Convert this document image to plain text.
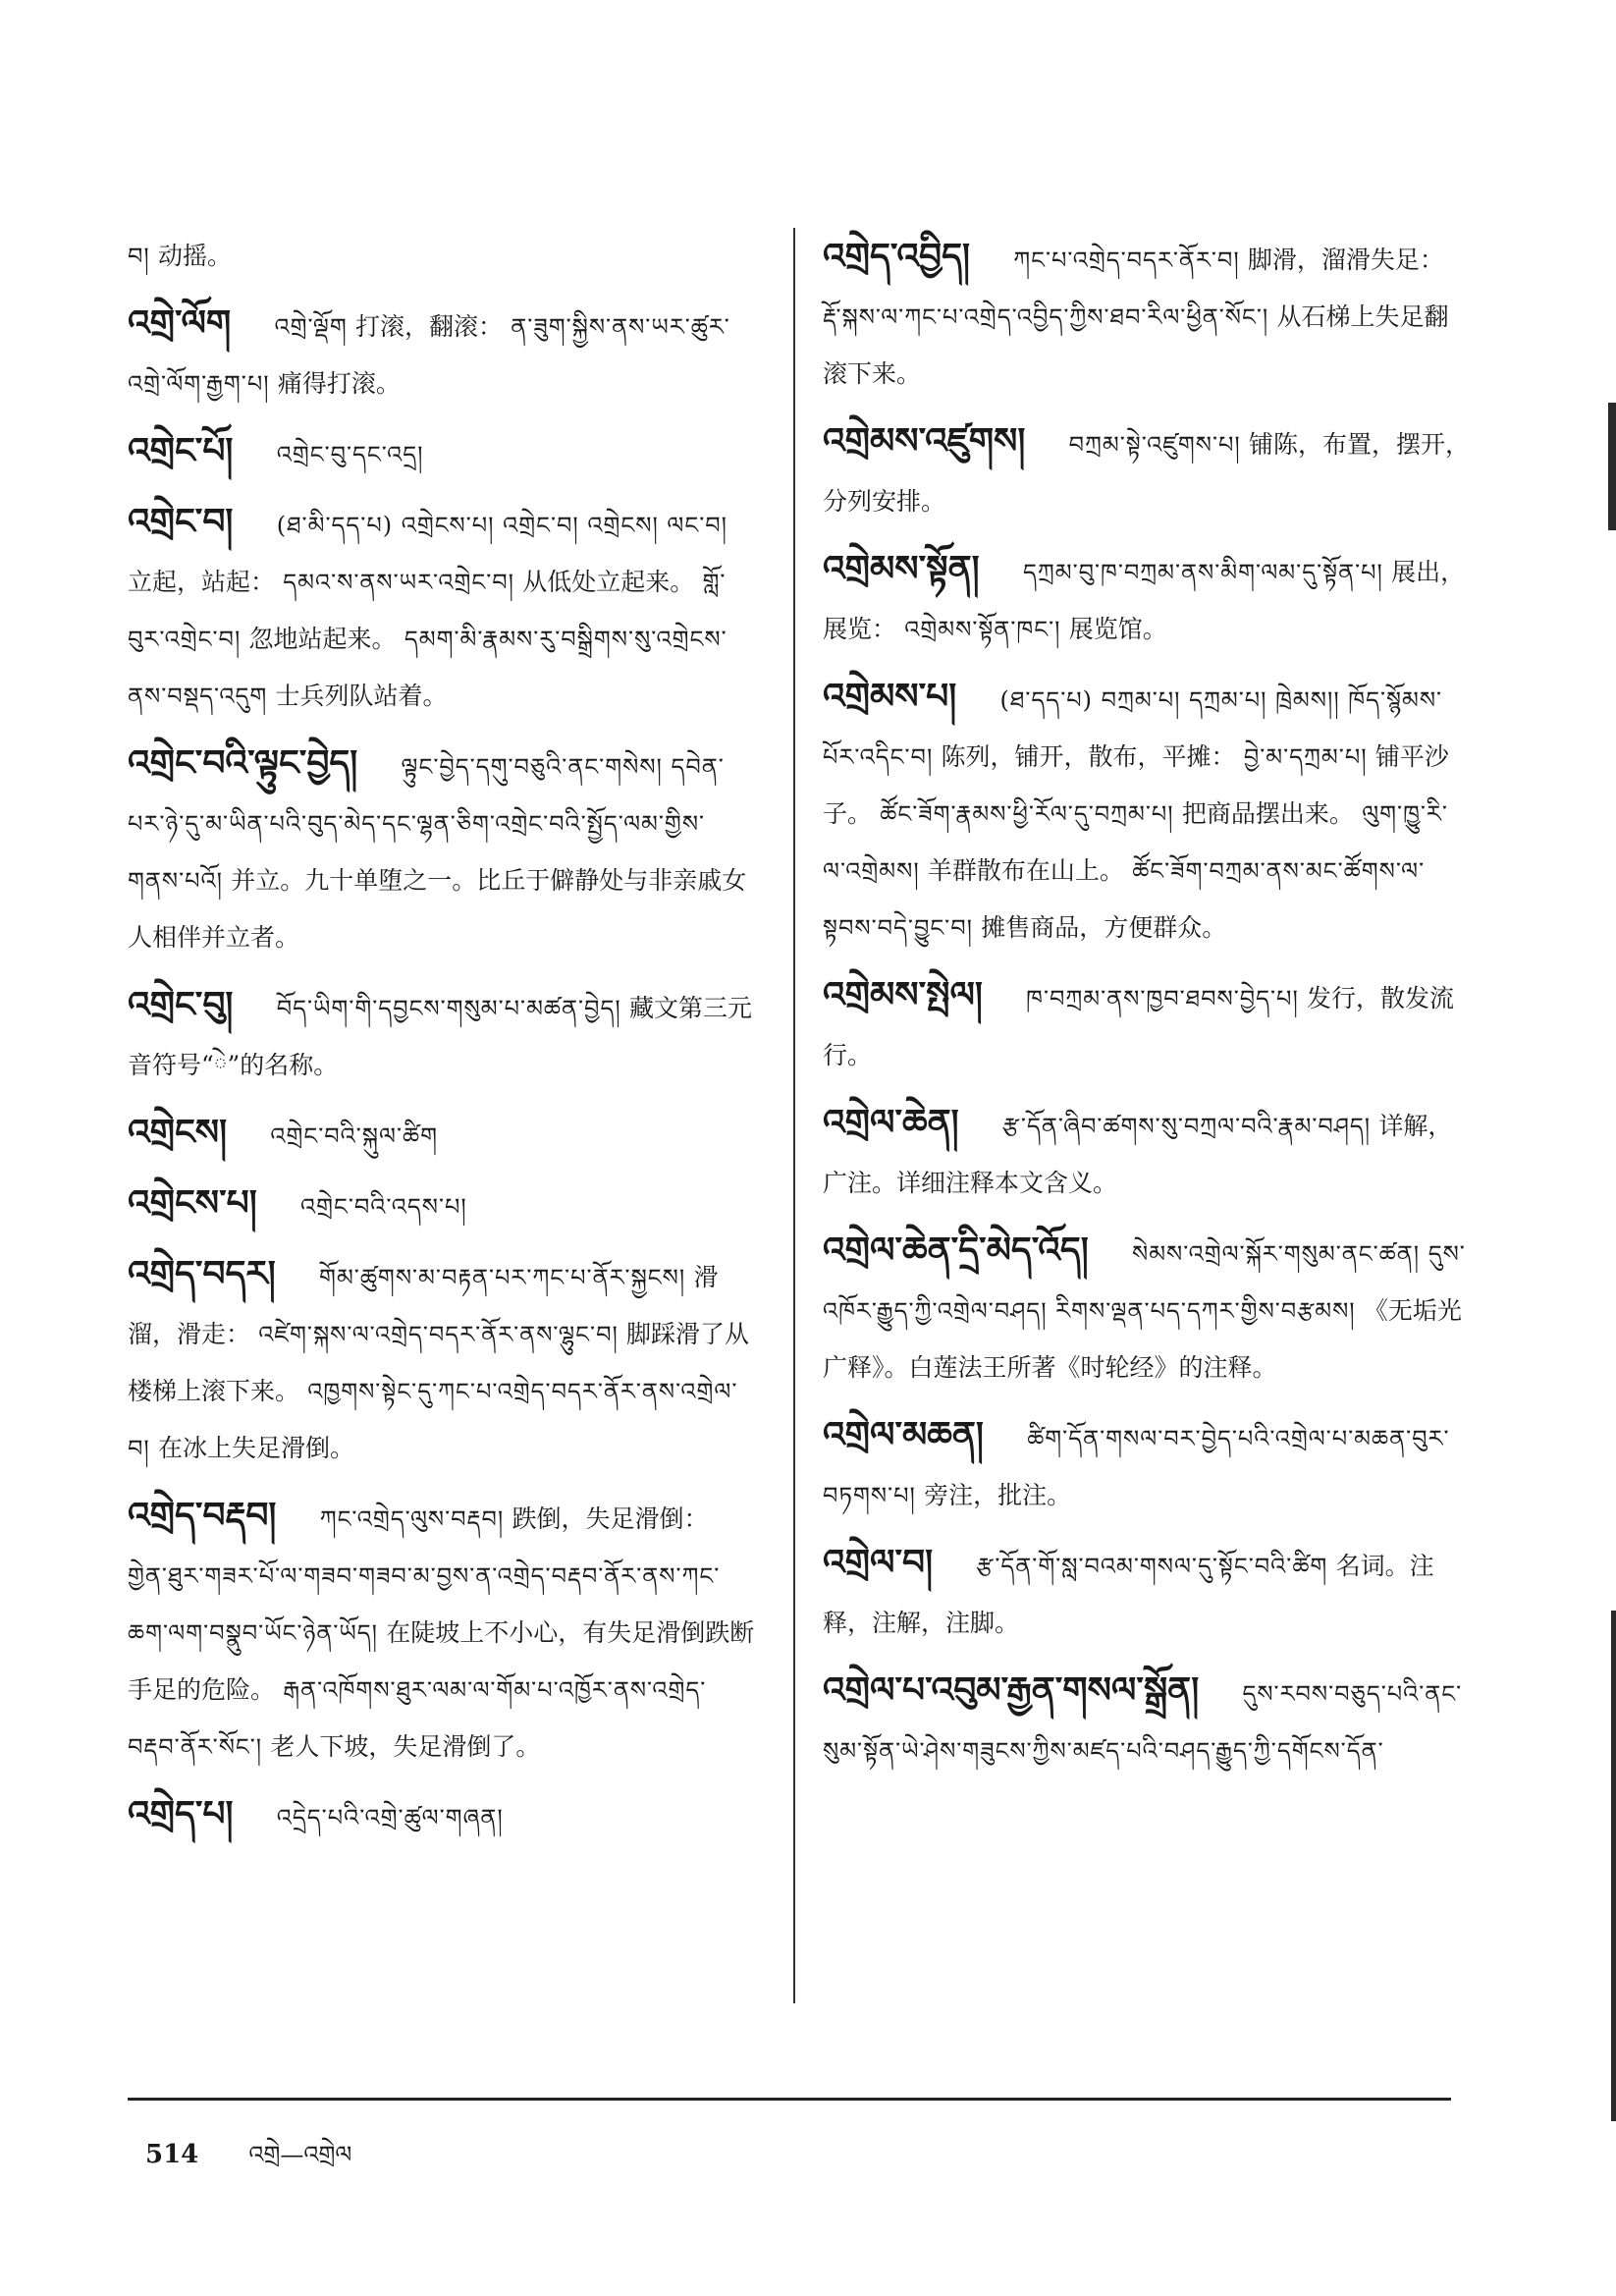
བ། 动摇。
འགྲེ་ལོག འགྲེ་ལྡོག 打滚，翻滚： ན་ཟུག་སྐྱིས་ནས་ཡར་ཚུར་འགྲེ་ལོག་རྒྱག་པ། 痛得打滚。
འགྲེང་པོ། འགྲེང་བུ་དང་འདྲ།
འགྲེང་བ། (ཐ་མི་དད་པ) འགྲེངས་པ། འགྲེང་བ། འགྲེངས། ལང་བ། 立起，站起： དམའ་ས་ནས་ཡར་འགྲེང་བ། 从低处立起来。 གློ་བུར་འགྲེང་བ། 忽地站起来。 དམག་མི་རྣམས་རུ་བསྒྲིགས་སུ་འགྲེངས་ནས་བསྡད་འདུག 士兵列队站着。
འགྲེང་བའི་ལྟུང་བྱེད། ལྟུང་བྱེད་དགུ་བཅུའི་ནང་གསེས། དབེན་པར་ཉེ་དུ་མ་ཡིན་པའི་བུད་མེད་དང་ལྷན་ཅིག་འགྲེང་བའི་སྤྱོད་ལམ་གྱིས་གནས་པའོ། 并立。九十单堕之一。比丘于僻静处与非亲戚女人相伴并立者。
འགྲེང་བུ། བོད་ཡིག་གི་དབྱངས་གསུམ་པ་མཚན་བྱེད། 藏文第三元音符号“ེ”的名称。
འགྲེངས། འགྲེང་བའི་སྐུལ་ཚིག
འགྲེངས་པ། འགྲེང་བའི་འདས་པ།
འགྲེད་བདར། གོམ་ཚུགས་མ་བརྟན་པར་ཀང་པ་ནོར་སྐྱངས། 滑溜，滑走： འཛེག་སྐས་ལ་འགྲེད་བདར་ནོར་ནས་ལྷུང་བ། 脚踩滑了从楼梯上滚下来。 འཁྱགས་སྟེང་དུ་ཀང་པ་འགྲེད་བདར་ནོར་ནས་འགྲེལ་བ། 在冰上失足滑倒。
འགྲེད་བརྡབ། ཀང་འགྲེད་ལུས་བརྡབ། 跌倒，失足滑倒： གྱེན་ཐུར་གཟར་པོ་ལ་གཟབ་གཟབ་མ་བྱས་ན་འགྲེད་བརྡབ་ནོར་ནས་ཀང་ཆག་ལག་བསྣུབ་ཡོང་ཉེན་ཡོད། 在陡坡上不小心，有失足滑倒跌断手足的危险。 རྒན་འཁོགས་ཐུར་ལམ་ལ་གོམ་པ་འཁྱོར་ནས་འགྲེད་བརྡབ་ནོར་སོང་། 老人下坡，失足滑倒了。
འགྲེད་པ། འདྲེད་པའི་འགྲེ་ཚུལ་གཞན།
འགྲེད་འབྱིད། ཀང་པ་འགྲེད་བདར་ནོར་བ། 脚滑，溜滑失足： རྡོ་སྐས་ལ་ཀང་པ་འགྲེད་འབྱིད་ཀྱིས་ཐབ་རིལ་ཕྱིན་སོང་། 从石梯上失足翻滚下来。
འགྲེམས་འཛུགས། བཀྲམ་སྟེ་འཛུགས་པ། 铺陈，布置，摆开，分列安排。
འགྲེམས་སྟོན། དཀྲམ་བུ་ཁ་བཀྲམ་ནས་མིག་ལམ་དུ་སྟོན་པ། 展出，展览： འགྲེམས་སྟོན་ཁང་། 展览馆。
འགྲེམས་པ། (ཐ་དད་པ) བཀྲམ་པ། དཀྲམ་པ། ཁྲེམས།། ཁོད་སྙོམས་པོར་འདིང་བ། 陈列，铺开，散布，平摊： བྱེ་མ་དཀྲམ་པ། 铺平沙子。 ཚོང་ཟོག་རྣམས་ཕྱི་རོལ་དུ་བཀྲམ་པ། 把商品摆出来。 ལུག་ཁྱུ་རི་ལ་འགྲེམས། 羊群散布在山上。 ཚོང་ཟོག་བཀྲམ་ནས་མང་ཚོགས་ལ་སྟབས་བདེ་བྱུང་བ། 摊售商品，方便群众。
འགྲེམས་སྤེལ། ཁ་བཀྲམ་ནས་ཁྱབ་ཐབས་བྱེད་པ། 发行，散发流行。
འགྲེལ་ཆེན། རྩ་དོན་ཞིབ་ཚགས་སུ་བཀྲལ་བའི་རྣམ་བཤད། 详解，广注。详细注释本文含义。
འགྲེལ་ཆེན་དྲི་མེད་འོད། སེམས་འགྲེལ་སྐོར་གསུམ་ནང་ཚན། དུས་འཁོར་རྒྱུད་ཀྱི་འགྲེལ་བཤད། རིགས་ལྡན་པད་དཀར་གྱིས་བརྩམས། 《无垢光广释》。白莲法王所著《时轮经》的注释。
འགྲེལ་མཆན། ཚིག་དོན་གསལ་བར་བྱེད་པའི་འགྲེལ་པ་མཆན་བུར་བཏགས་པ། 旁注，批注。
འགྲེལ་བ། རྩ་དོན་གོ་སླ་བའམ་གསལ་དུ་སྟོང་བའི་ཚིག 名词。注释，注解，注脚。
འགྲེལ་པ་འབུམ་རྒྱན་གསལ་སྒྲོན། དུས་རབས་བཅུད་པའི་ནང་སུམ་སྟོན་ཡེ་ཤེས་གཟུངས་ཀྱིས་མཛད་པའི་བཤད་རྒྱུད་ཀྱི་དགོངས་དོན་
514 འགྲེ—འགྲེལ
